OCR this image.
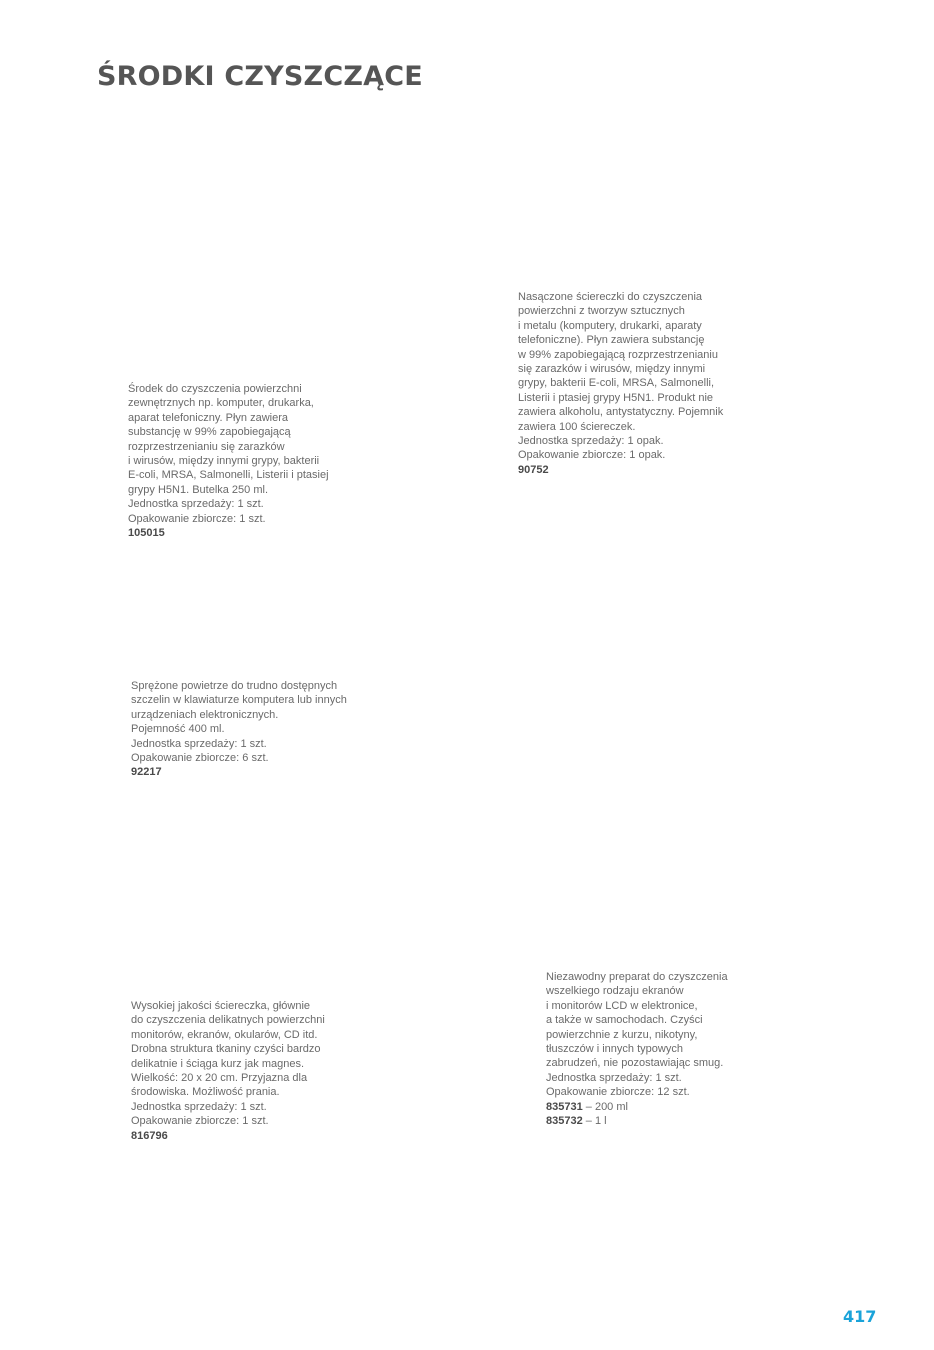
ŚRODKI CZYSZCZĄCE
Środek do czyszczenia powierzchni
zewnętrznych np. komputer, drukarka,
aparat telefoniczny. Płyn zawiera
substancję w 99% zapobiegającą
rozprzestrzenianiu się zarazków
i wirusów, między innymi grypy, bakterii
E-coli, MRSA, Salmonelli, Listerii i ptasiej
grypy H5N1. Butelka 250 ml.
Jednostka sprzedaży: 1 szt.
Opakowanie zbiorcze: 1 szt.
105015
Nasączone ściereczki do czyszczenia
powierzchni z tworzyw sztucznych
i metalu (komputery, drukarki, aparaty
telefoniczne). Płyn zawiera substancję
w 99% zapobiegającą rozprzestrzenianiu
się zarazków i wirusów, między innymi
grypy, bakterii E-coli, MRSA, Salmonelli,
Listerii i ptasiej grypy H5N1. Produkt nie
zawiera alkoholu, antystatyczny. Pojemnik
zawiera 100 ściereczek.
Jednostka sprzedaży: 1 opak.
Opakowanie zbiorcze: 1 opak.
90752
Sprężone powietrze do trudno dostępnych
szczelin w klawiaturze komputera lub innych
urządzeniach elektronicznych.
Pojemność 400 ml.
Jednostka sprzedaży: 1 szt.
Opakowanie zbiorcze: 6 szt.
92217
Wysokiej jakości ściereczka, głównie
do czyszczenia delikatnych powierzchni
monitorów, ekranów, okularów, CD itd.
Drobna struktura tkaniny czyści bardzo
delikatnie i ściąga kurz jak magnes.
Wielkość: 20 x 20 cm. Przyjazna dla
środowiska. Możliwość prania.
Jednostka sprzedaży: 1 szt.
Opakowanie zbiorcze: 1 szt.
816796
Niezawodny preparat do czyszczenia
wszelkiego rodzaju ekranów
i monitorów LCD w elektronice,
a także w samochodach. Czyści
powierzchnie z kurzu, nikotyny,
tłuszczów i innych typowych
zabrudzeń, nie pozostawiając smug.
Jednostka sprzedaży: 1 szt.
Opakowanie zbiorcze: 12 szt.
835731 – 200 ml
835732 – 1 l
417
